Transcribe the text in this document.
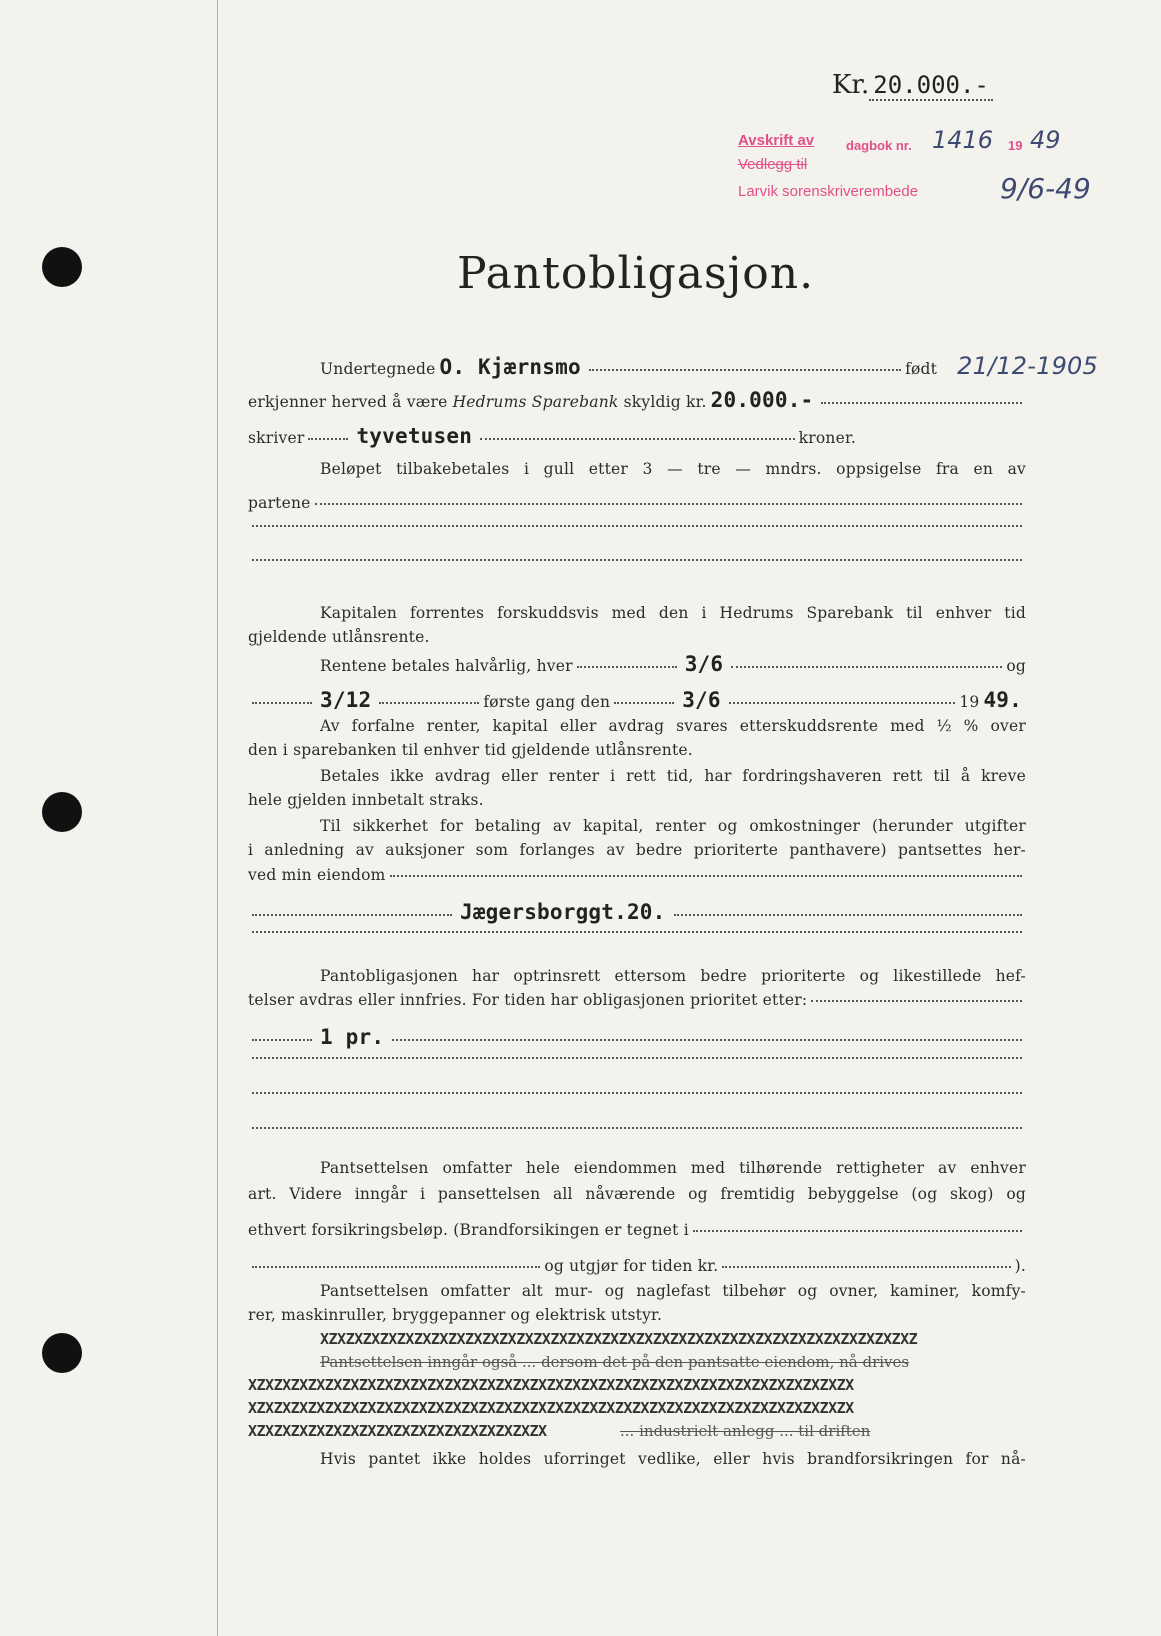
Kr. 20.000.-
Avskrift av dagbok nr. 1416 19 49
Vedlegg til
Larvik sorenskriverembede	9/6-49
Pantobligasjon.
Undertegnede O. Kjærnsmo	født 21/12-1905
erkjenner herved å være
Hedrums Sparebank
skyldig kr. 20.000.-
skriver tyvetusen	kroner.
Beløpet tilbakebetales i gull etter 3 — tre — mndrs. oppsigelse fra en av
partene
Kapitalen forrentes forskuddsvis med den i Hedrums Sparebank til enhver tid
gjeldende utlånsrente.
Rentene betales halvårlig, hver	3/6	og
3/12	første gang den	3/6	19 49.
Av forfalne renter, kapital eller avdrag svares etterskuddsrente med ½ % over
den i sparebanken til enhver tid gjeldende utlånsrente.
Betales ikke avdrag eller renter i rett tid, har fordringshaveren rett til å kreve
hele gjelden innbetalt straks.
Til sikkerhet for betaling av kapital, renter og omkostninger (herunder utgifter
i anledning av auksjoner som forlanges av bedre prioriterte panthavere) pantsettes her-
ved min eiendom
Jægersborggt.20.
Pantobligasjonen har optrinsrett ettersom bedre prioriterte og likestillede hef-
telser avdras eller innfries. For tiden har obligasjonen prioritet etter:
1 pr.
Pantsettelsen omfatter hele eiendommen med tilhørende rettigheter av enhver
art. Videre inngår i pansettelsen all nåværende og fremtidig bebyggelse (og skog) og
ethvert forsikringsbeløp. (Brandforsikingen er tegnet i
og utgjør for tiden kr.	).
Pantsettelsen omfatter alt mur- og naglefast tilbehør og ovner, kaminer, komfy-
rer, maskinruller, bryggepanner og elektrisk utstyr.
XZXZXZXZXZXZXZXZXZXZXZXZXZXZXZXZXZXZXZXZXZXZXZXZXZXZXZXZXZXZXZXZXZXZXZ
Pantsettelsen inngår også ... dersom det på den pantsatte eiendom, nå drives
XZXZXZXZXZXZXZXZXZXZXZXZXZXZXZXZXZXZXZXZXZXZXZXZXZXZXZXZXZXZXZXZXZXZXZX
XZXZXZXZXZXZXZXZXZXZXZXZXZXZXZXZXZXZXZXZXZXZXZXZXZXZXZXZXZXZXZXZXZXZXZX
XZXZXZXZXZXZXZXZXZXZXZXZXZXZXZXZXZX	... industrielt anlegg ... til driften
Hvis pantet ikke holdes uforringet vedlike, eller hvis brandforsikringen for nå-
